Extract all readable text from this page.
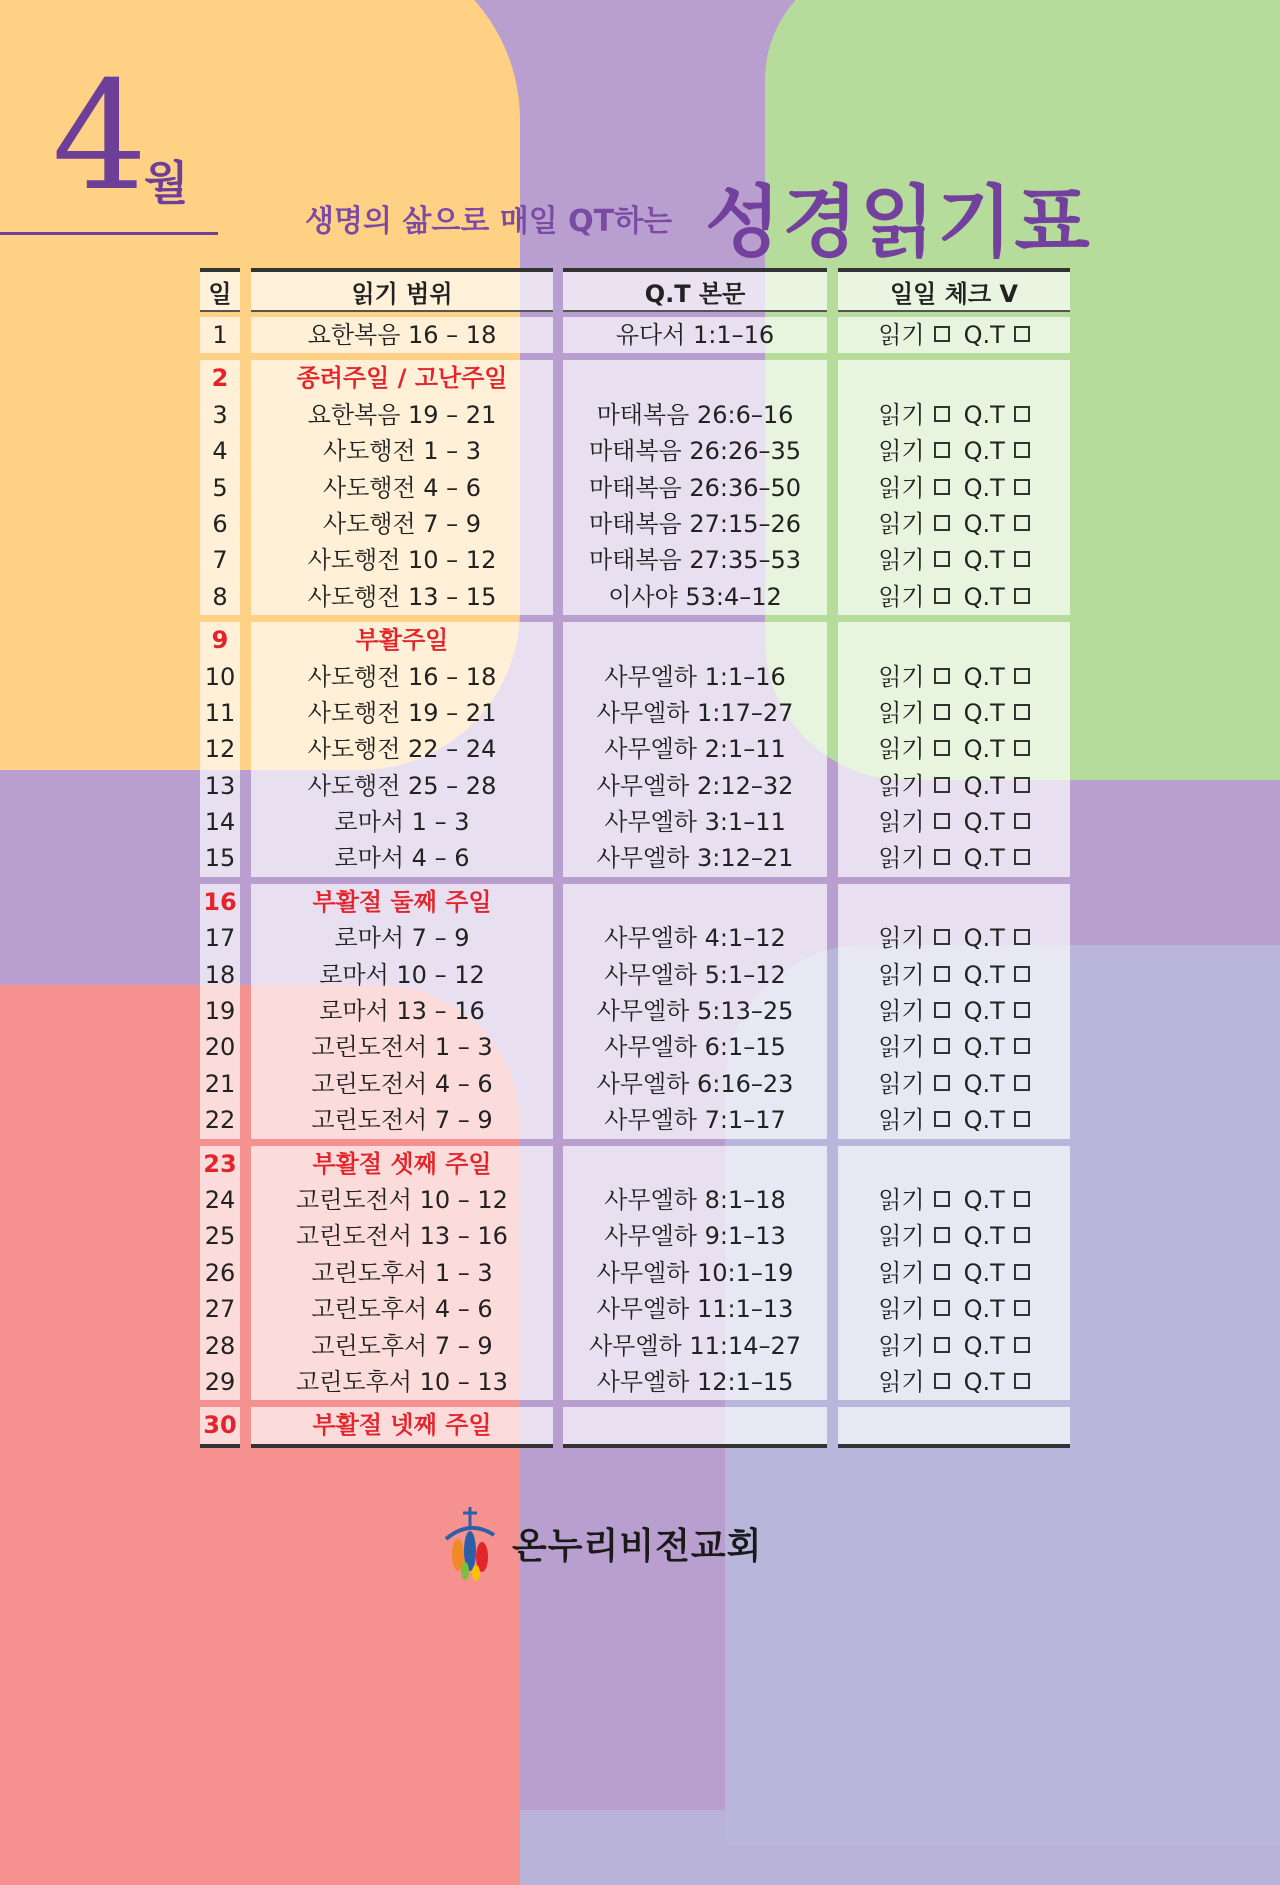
4
월
생명의 삶으로 매일 QT하는 성경읽기표
일
1
2
3
4
5
6
7
8
9
10
11
12
13
14
15
16
17
18
19
20
21
22
23
24
25
26
27
28
29
30
읽기 범위
요한복음 16 – 18
종려주일 / 고난주일
요한복음 19 – 21
사도행전 1 – 3
사도행전 4 – 6
사도행전 7 – 9
사도행전 10 – 12
사도행전 13 – 15
부활주일
사도행전 16 – 18
사도행전 19 – 21
사도행전 22 – 24
사도행전 25 – 28
로마서 1 – 3
로마서 4 – 6
부활절 둘째 주일
로마서 7 – 9
로마서 10 – 12
로마서 13 – 16
고린도전서 1 – 3
고린도전서 4 – 6
고린도전서 7 – 9
부활절 셋째 주일
고린도전서 10 – 12
고린도전서 13 – 16
고린도후서 1 – 3
고린도후서 4 – 6
고린도후서 7 – 9
고린도후서 10 – 13
부활절 넷째 주일
Q.T 본문
유다서 1:1–16
마태복음 26:6–16
마태복음 26:26–35
마태복음 26:36–50
마태복음 27:15–26
마태복음 27:35–53
이사야 53:4–12
사무엘하 1:1–16
사무엘하 1:17–27
사무엘하 2:1–11
사무엘하 2:12–32
사무엘하 3:1–11
사무엘하 3:12–21
사무엘하 4:1–12
사무엘하 5:1–12
사무엘하 5:13–25
사무엘하 6:1–15
사무엘하 6:16–23
사무엘하 7:1–17
사무엘하 8:1–18
사무엘하 9:1–13
사무엘하 10:1–19
사무엘하 11:1–13
사무엘하 11:14–27
사무엘하 12:1–15
일일 체크 V
읽기 Q.T
읽기 Q.T
읽기 Q.T
읽기 Q.T
읽기 Q.T
읽기 Q.T
읽기 Q.T
읽기 Q.T
읽기 Q.T
읽기 Q.T
읽기 Q.T
읽기 Q.T
읽기 Q.T
읽기 Q.T
읽기 Q.T
읽기 Q.T
읽기 Q.T
읽기 Q.T
읽기 Q.T
읽기 Q.T
읽기 Q.T
읽기 Q.T
읽기 Q.T
읽기 Q.T
읽기 Q.T
온누리비전교회
